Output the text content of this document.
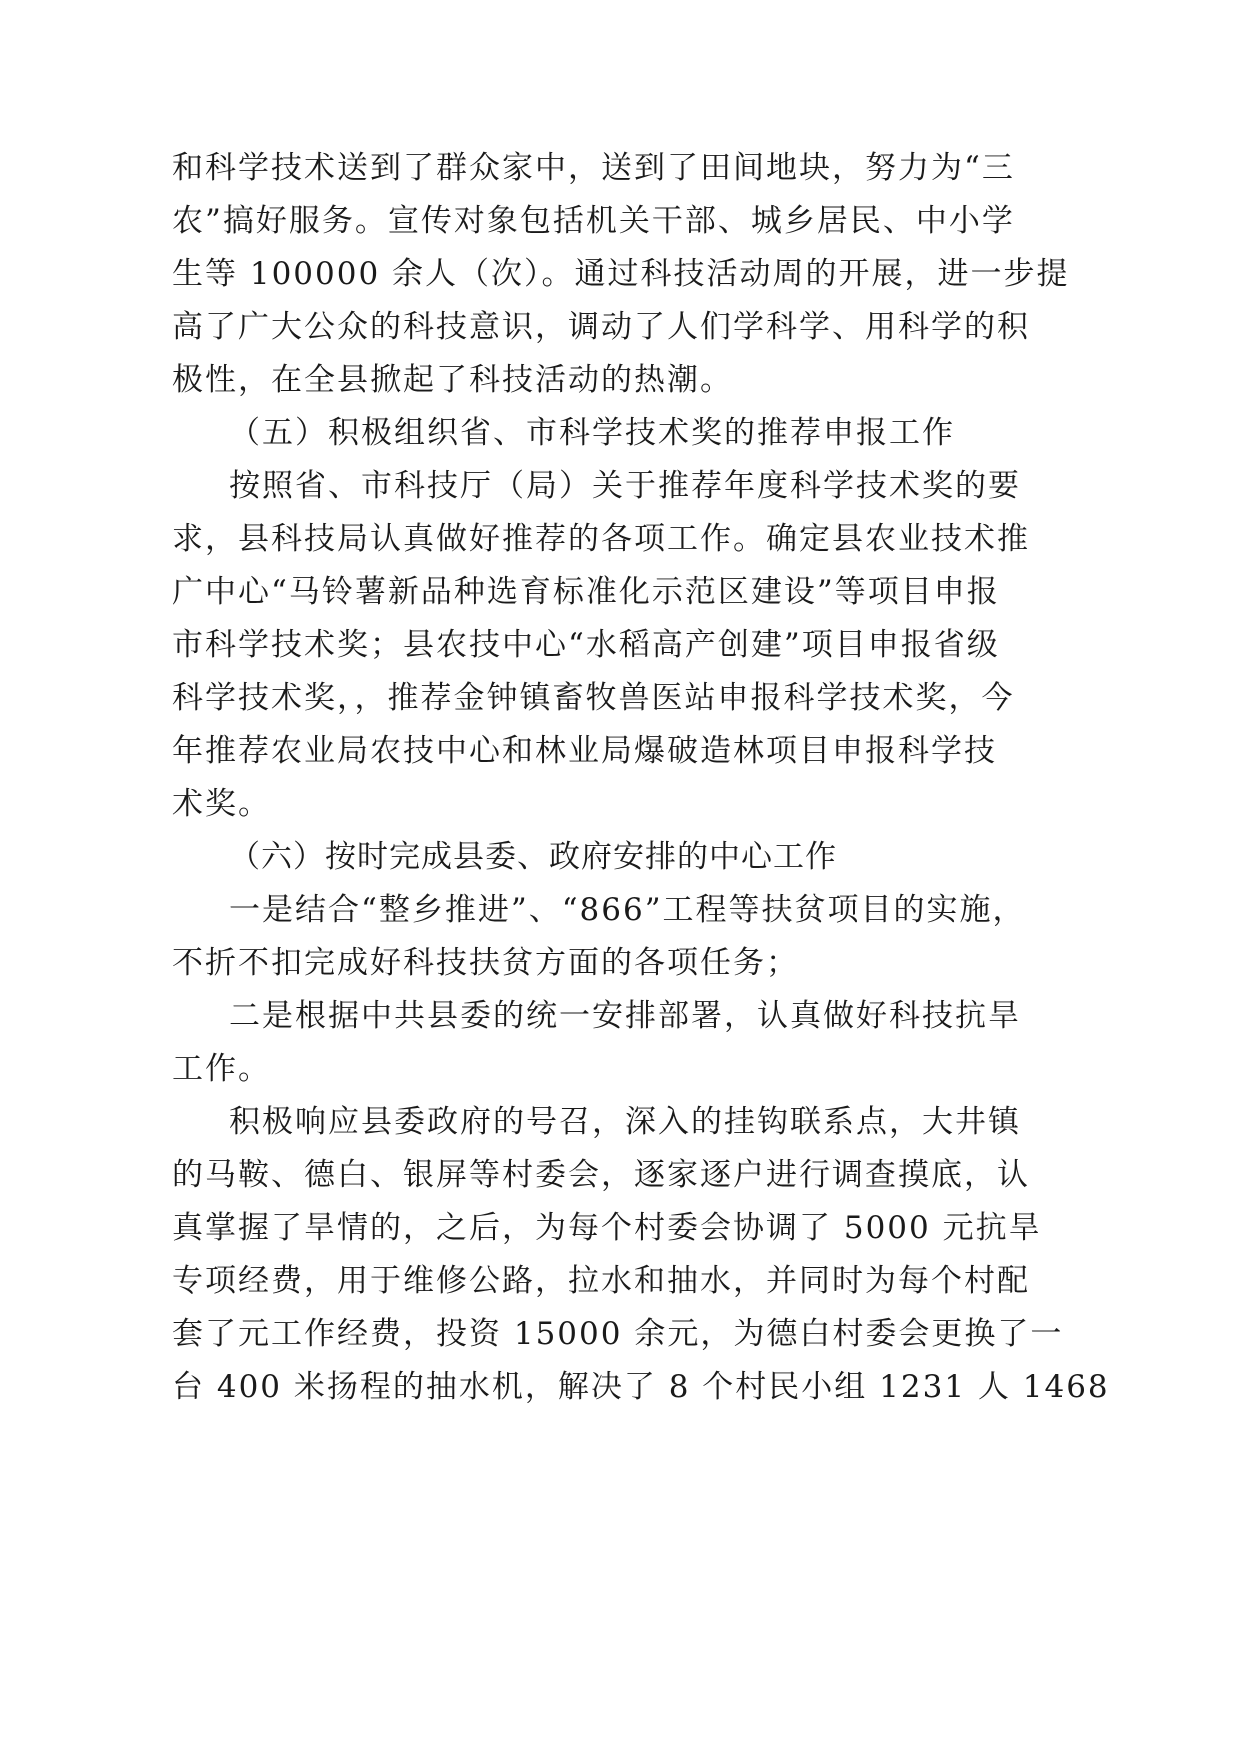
和科学技术送到了群众家中，送到了田间地块，努力为“三
农”搞好服务。宣传对象包括机关干部、城乡居民、中小学
生等 100000 余人（次）。通过科技活动周的开展，进一步提
高了广大公众的科技意识，调动了人们学科学、用科学的积
极性，在全县掀起了科技活动的热潮。
（五）积极组织省、市科学技术奖的推荐申报工作
按照省、市科技厅（局）关于推荐年度科学技术奖的要
求，县科技局认真做好推荐的各项工作。确定县农业技术推
广中心“马铃薯新品种选育标准化示范区建设”等项目申报
市科学技术奖；县农技中心“水稻高产创建”项目申报省级
科学技术奖，，推荐金钟镇畜牧兽医站申报科学技术奖，今
年推荐农业局农技中心和林业局爆破造林项目申报科学技
术奖。
（六）按时完成县委、政府安排的中心工作
一是结合“整乡推进”、“866”工程等扶贫项目的实施，
不折不扣完成好科技扶贫方面的各项任务；
二是根据中共县委的统一安排部署，认真做好科技抗旱
工作。
积极响应县委政府的号召，深入的挂钩联系点，大井镇
的马鞍、德白、银屏等村委会，逐家逐户进行调查摸底，认
真掌握了旱情的，之后，为每个村委会协调了 5000 元抗旱
专项经费，用于维修公路，拉水和抽水，并同时为每个村配
套了元工作经费，投资 15000 余元，为德白村委会更换了一
台 400 米扬程的抽水机，解决了 8 个村民小组 1231 人 1468
